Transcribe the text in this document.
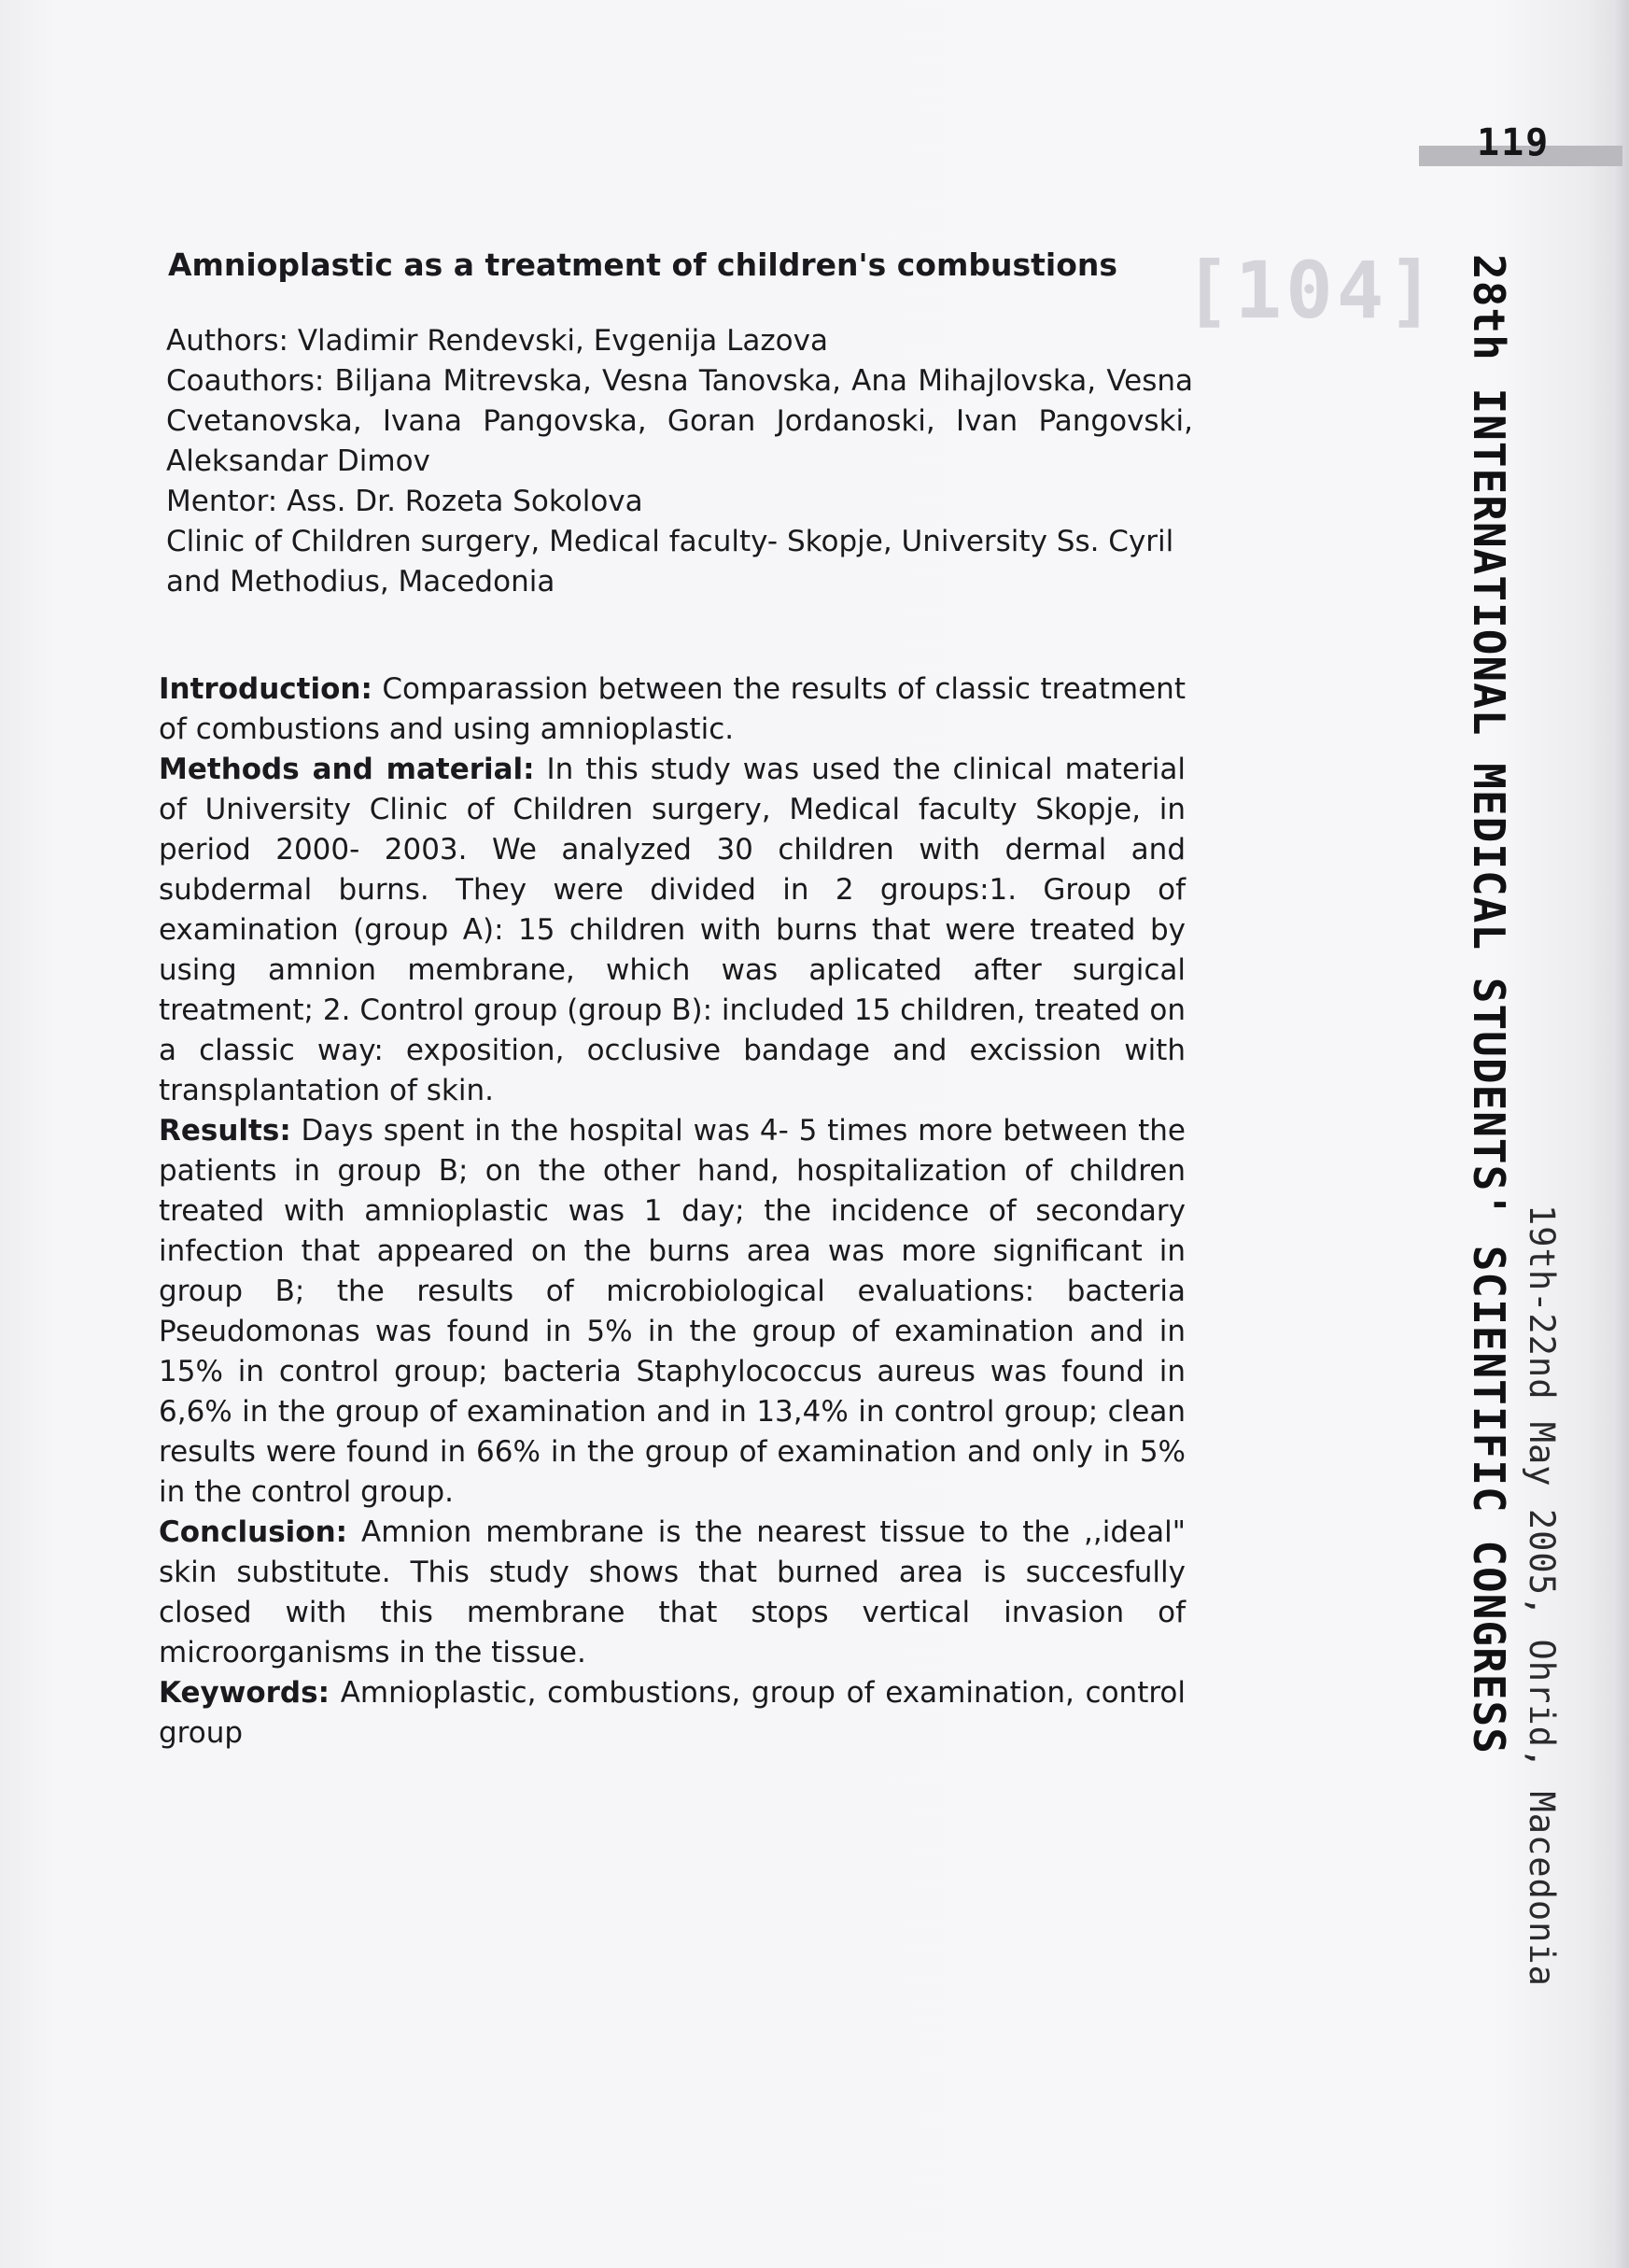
119
[104] 28th INTERNATIONAL MEDICAL STUDENTS' SCIENTIFIC CONGRESS 19th-22nd May 2005, Ohrid, Macedonia
Amnioplastic as a treatment of children's combustions

Authors: Vladimir Rendevski, Evgenija Lazova

Coauthors: Biljana Mitrevska, Vesna Tanovska, Ana Mihajlovska, Vesna Cvetanovska, Ivana Pangovska, Goran Jordanoski, Ivan Pangovski, Aleksandar Dimov

Mentor: Ass. Dr. Rozeta Sokolova

Clinic of Children surgery, Medical faculty- Skopje, University Ss. Cyril and Methodius, Macedonia

Introduction: Comparassion between the results of classic treatment of combustions and using amnioplastic.

Methods and material: In this study was used the clinical material of University Clinic of Children surgery, Medical faculty Skopje, in period 2000- 2003. We analyzed 30 children with dermal and subdermal burns. They were divided in 2 groups:1. Group of examination (group A): 15 children with burns that were treated by using amnion membrane, which was aplicated after surgical treatment; 2. Control group (group B): included 15 children, treated on a classic way: exposition, occlusive bandage and excission with transplantation of skin.

Results: Days spent in the hospital was 4- 5 times more between the patients in group B; on the other hand, hospitalization of children treated with amnioplastic was 1 day; the incidence of secondary infection that appeared on the burns area was more significant in group B; the results of microbiological evaluations: bacteria Pseudomonas was found in 5% in the group of examination and in 15% in control group; bacteria Staphylococcus aureus was found in 6,6% in the group of examination and in 13,4% in control group; clean results were found in 66% in the group of examination and only in 5% in the control group.

Conclusion: Amnion membrane is the nearest tissue to the ,,ideal" skin substitute. This study shows that burned area is succesfully closed with this membrane that stops vertical invasion of microorganisms in the tissue.

Keywords: Amnioplastic, combustions, group of examination, control group
